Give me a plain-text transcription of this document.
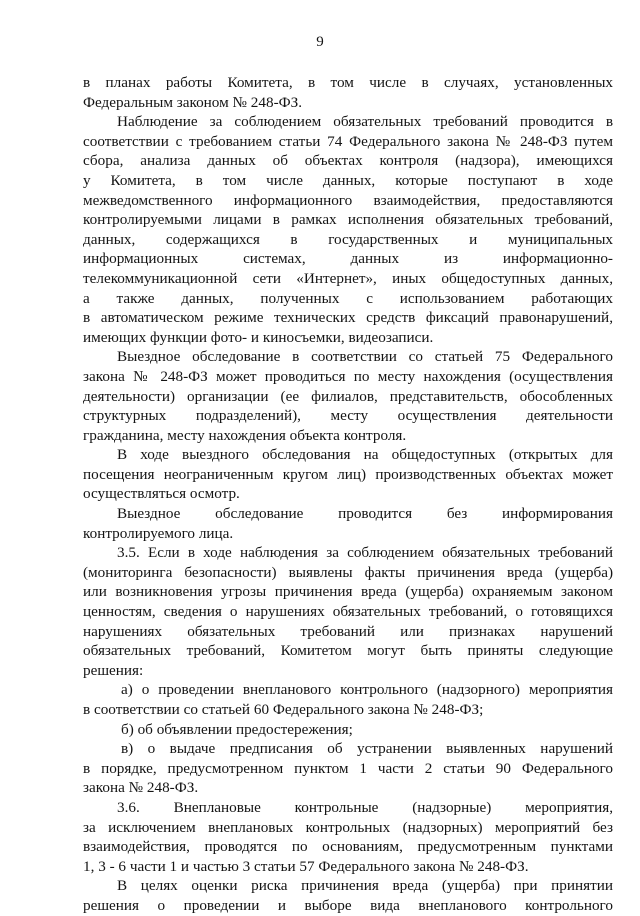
9
в планах работы Комитета, в том числе в случаях, установленных
Федеральным законом № 248-ФЗ.
Наблюдение за соблюдением обязательных требований проводится в
соответствии с требованием статьи 74 Федерального закона № 248-ФЗ путем
сбора, анализа данных об объектах контроля (надзора), имеющихся
у Комитета, в том числе данных, которые поступают в ходе
межведомственного информационного взаимодействия, предоставляются
контролируемыми лицами в рамках исполнения обязательных требований,
данных, содержащихся в государственных и муниципальных
информационных системах, данных из информационно-
телекоммуникационной сети «Интернет», иных общедоступных данных,
а также данных, полученных с использованием работающих
в автоматическом режиме технических средств фиксаций правонарушений,
имеющих функции фото- и киносъемки, видеозаписи.
Выездное обследование в соответствии со статьей 75 Федерального
закона № 248-ФЗ может проводиться по месту нахождения (осуществления
деятельности) организации (ее филиалов, представительств, обособленных
структурных подразделений), месту осуществления деятельности
гражданина, месту нахождения объекта контроля.
В ходе выездного обследования на общедоступных (открытых для
посещения неограниченным кругом лиц) производственных объектах может
осуществляться осмотр.
Выездное обследование проводится без информирования
контролируемого лица.
3.5. Если в ходе наблюдения за соблюдением обязательных требований
(мониторинга безопасности) выявлены факты причинения вреда (ущерба)
или возникновения угрозы причинения вреда (ущерба) охраняемым законом
ценностям, сведения о нарушениях обязательных требований, о готовящихся
нарушениях обязательных требований или признаках нарушений
обязательных требований, Комитетом могут быть приняты следующие
решения:
а) о проведении внепланового контрольного (надзорного) мероприятия
в соответствии со статьей 60 Федерального закона № 248-ФЗ;
б) об объявлении предостережения;
в) о выдаче предписания об устранении выявленных нарушений
в порядке, предусмотренном пунктом 1 части 2 статьи 90 Федерального
закона № 248-ФЗ.
3.6. Внеплановые контрольные (надзорные) мероприятия,
за исключением внеплановых контрольных (надзорных) мероприятий без
взаимодействия, проводятся по основаниям, предусмотренным пунктами
1, 3 - 6 части 1 и частью 3 статьи 57 Федерального закона № 248-ФЗ.
В целях оценки риска причинения вреда (ущерба) при принятии
решения о проведении и выборе вида внепланового контрольного
